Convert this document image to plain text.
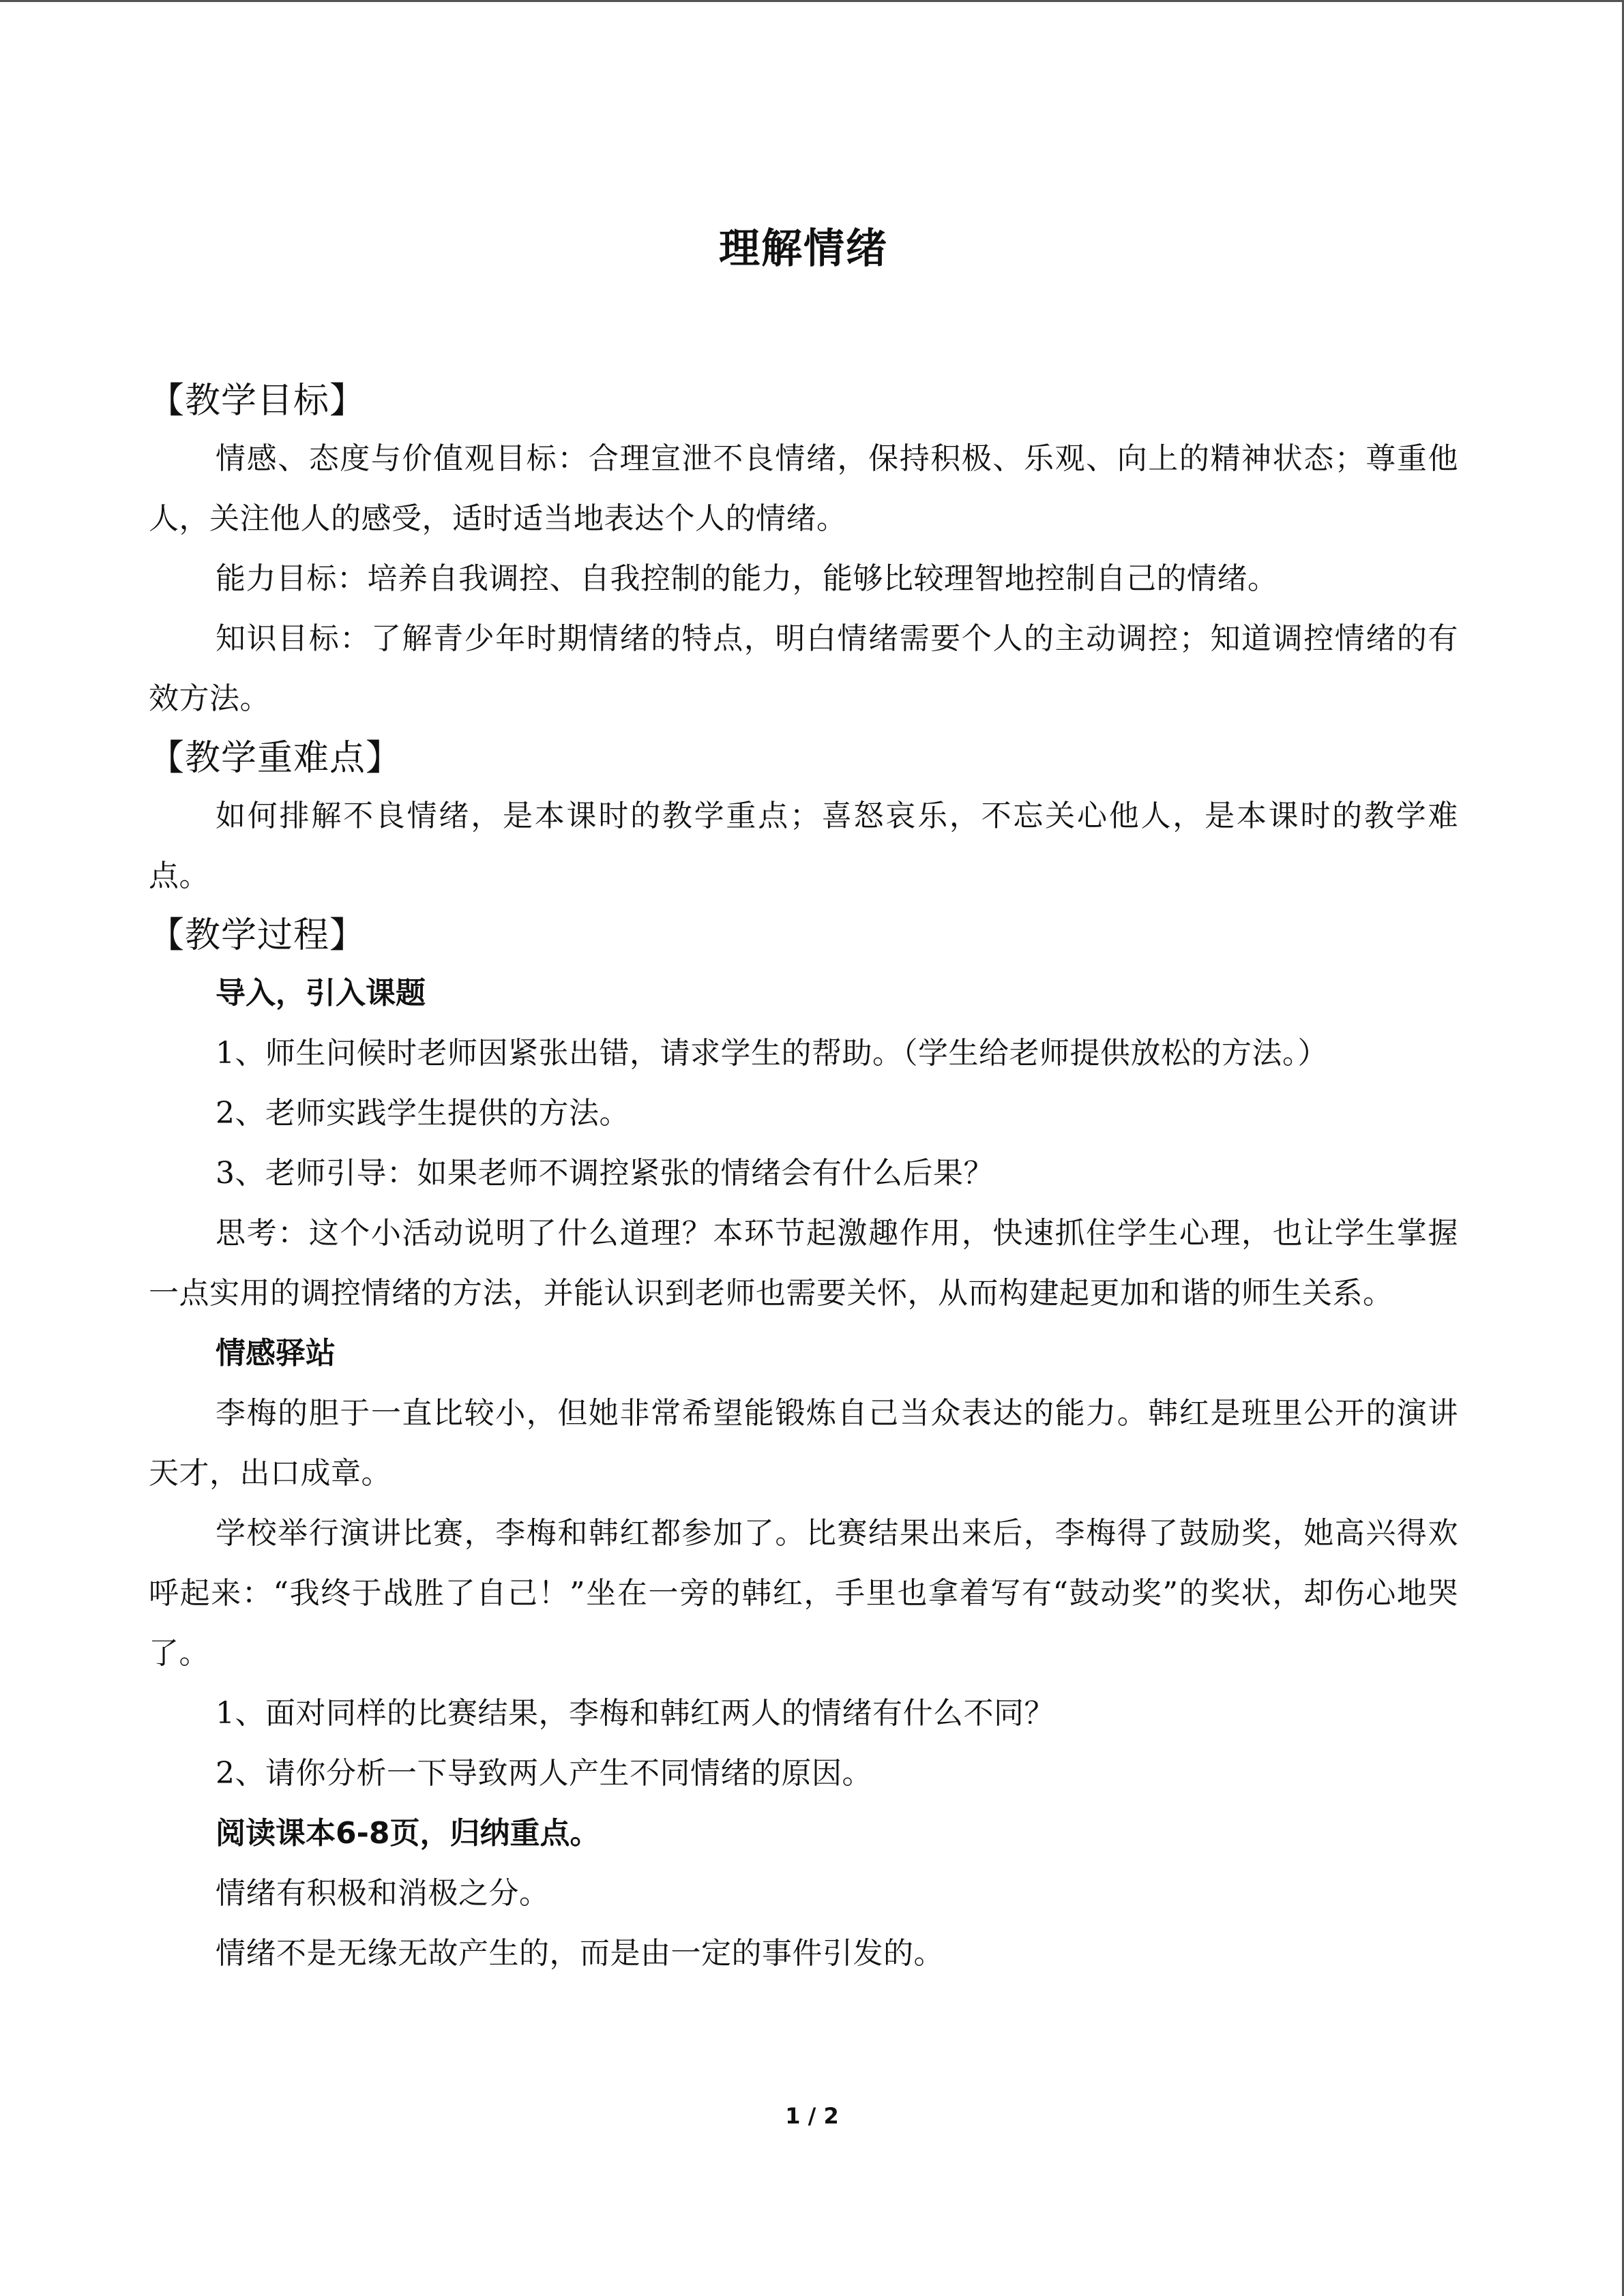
理解情绪
【教学目标】

情感、态度与价值观目标：合理宣泄不良情绪，保持积极、乐观、向上的精神状态；尊重他人，关注他人的感受，适时适当地表达个人的情绪。

能力目标：培养自我调控、自我控制的能力，能够比较理智地控制自己的情绪。

知识目标：了解青少年时期情绪的特点，明白情绪需要个人的主动调控；知道调控情绪的有效方法。

【教学重难点】

如何排解不良情绪，是本课时的教学重点；喜怒哀乐，不忘关心他人，是本课时的教学难点。

【教学过程】

导入，引入课题

1、师生问候时老师因紧张出错，请求学生的帮助。（学生给老师提供放松的方法。）

2、老师实践学生提供的方法。

3、老师引导：如果老师不调控紧张的情绪会有什么后果？

思考：这个小活动说明了什么道理？本环节起激趣作用，快速抓住学生心理，也让学生掌握一点实用的调控情绪的方法，并能认识到老师也需要关怀，从而构建起更加和谐的师生关系。

情感驿站

李梅的胆于一直比较小，但她非常希望能锻炼自己当众表达的能力。韩红是班里公开的演讲天才，出口成章。

学校举行演讲比赛，李梅和韩红都参加了。比赛结果出来后，李梅得了鼓励奖，她高兴得欢呼起来：“我终于战胜了自己！”坐在一旁的韩红，手里也拿着写有“鼓动奖”的奖状，却伤心地哭了。

1、面对同样的比赛结果，李梅和韩红两人的情绪有什么不同？

2、请你分析一下导致两人产生不同情绪的原因。

阅读课本6-8页，归纳重点。

情绪有积极和消极之分。

情绪不是无缘无故产生的，而是由一定的事件引发的。

1 / 2
